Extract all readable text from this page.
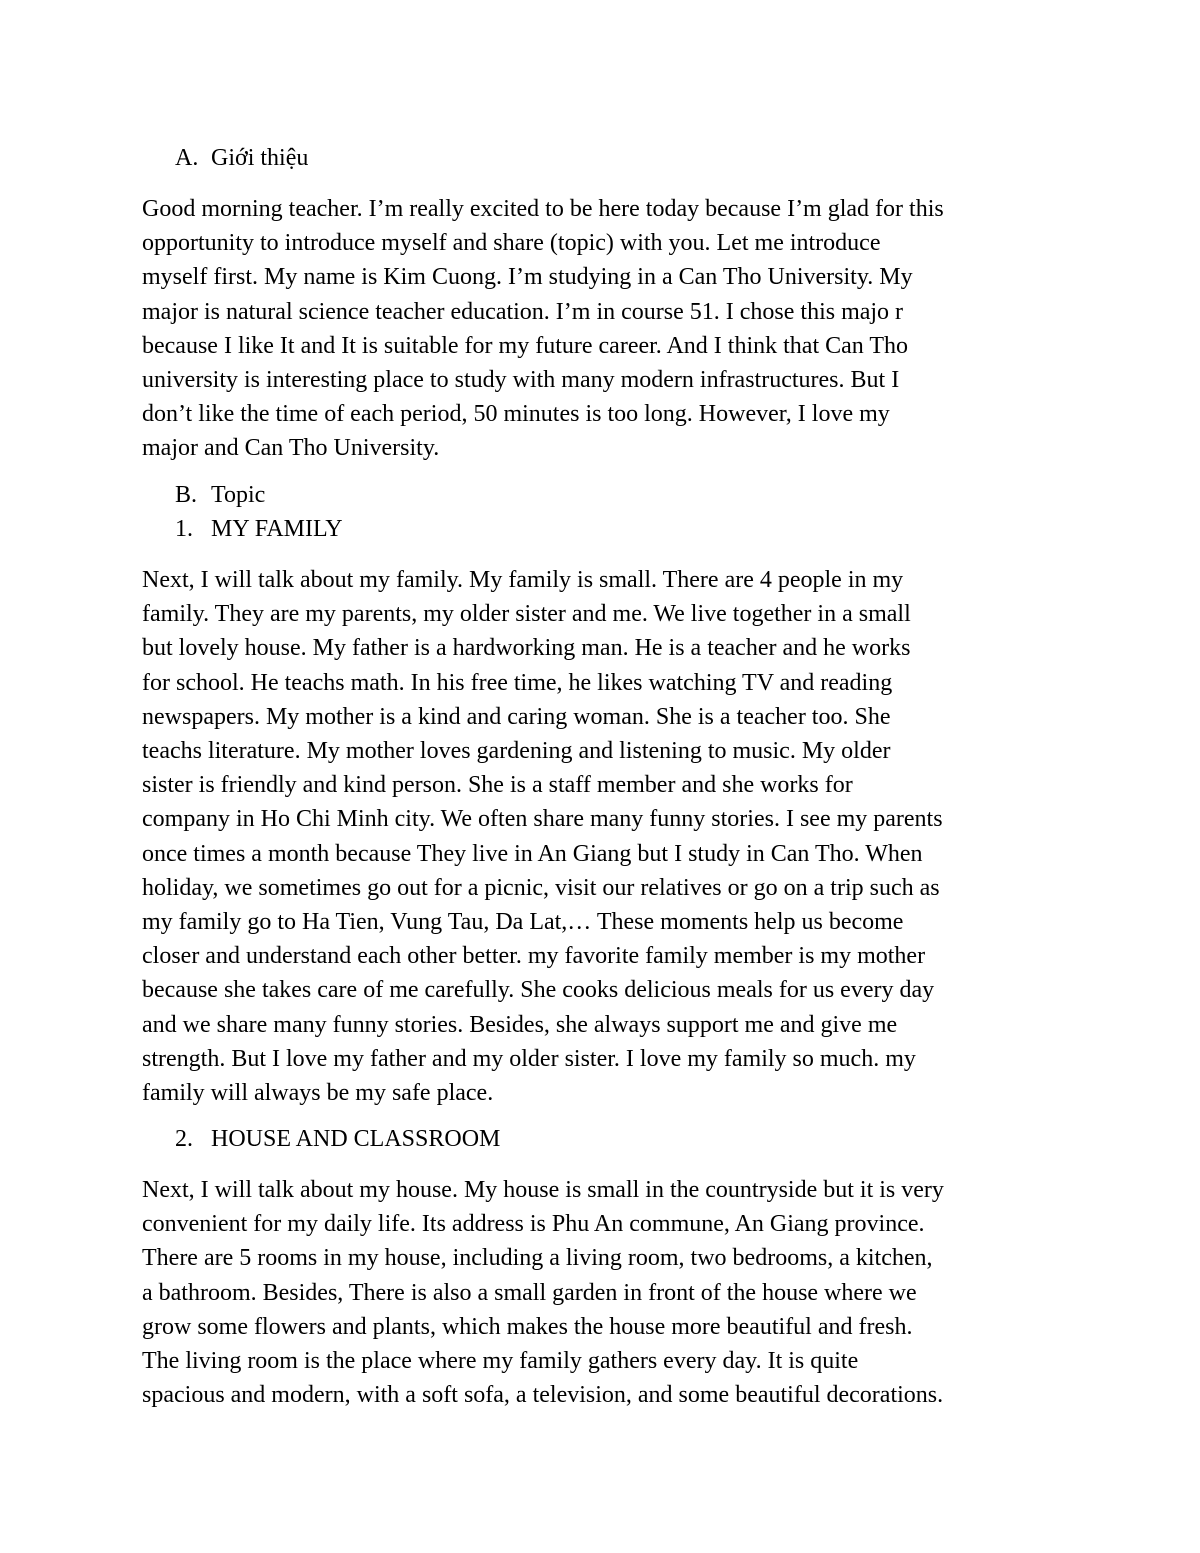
A. Giới thiệu

Good morning teacher. I’m really excited to be here today because I’m glad for this
opportunity to introduce myself and share (topic) with you. Let me introduce
myself first. My name is Kim Cuong. I’m studying in a Can Tho University. My
major is natural science teacher education. I’m in course 51. I chose this majo r
because I like It and It is suitable for my future career. And I think that Can Tho
university is interesting place to study with many modern infrastructures. But I
don’t like the time of each period, 50 minutes is too long. However, I love my
major and Can Tho University.

B. Topic

1. MY FAMILY

Next, I will talk about my family. My family is small. There are 4 people in my
family. They are my parents, my older sister and me. We live together in a small
but lovely house. My father is a hardworking man. He is a teacher and he works
for school. He teachs math. In his free time, he likes watching TV and reading
newspapers. My mother is a kind and caring woman. She is a teacher too. She
teachs literature. My mother loves gardening and listening to music. My older
sister is friendly and kind person. She is a staff member and she works for
company in Ho Chi Minh city. We often share many funny stories. I see my parents
once times a month because They live in An Giang but I study in Can Tho. When
holiday, we sometimes go out for a picnic, visit our relatives or go on a trip such as
my family go to Ha Tien, Vung Tau, Da Lat,… These moments help us become
closer and understand each other better. my favorite family member is my mother
because she takes care of me carefully. She cooks delicious meals for us every day
and we share many funny stories. Besides, she always support me and give me
strength. But I love my father and my older sister. I love my family so much. my
family will always be my safe place.

2. HOUSE AND CLASSROOM

Next, I will talk about my house. My house is small in the countryside but it is very
convenient for my daily life. Its address is Phu An commune, An Giang province.
There are 5 rooms in my house, including a living room, two bedrooms, a kitchen,
a bathroom. Besides, There is also a small garden in front of the house where we
grow some flowers and plants, which makes the house more beautiful and fresh.
The living room is the place where my family gathers every day. It is quite
spacious and modern, with a soft sofa, a television, and some beautiful decorations.
